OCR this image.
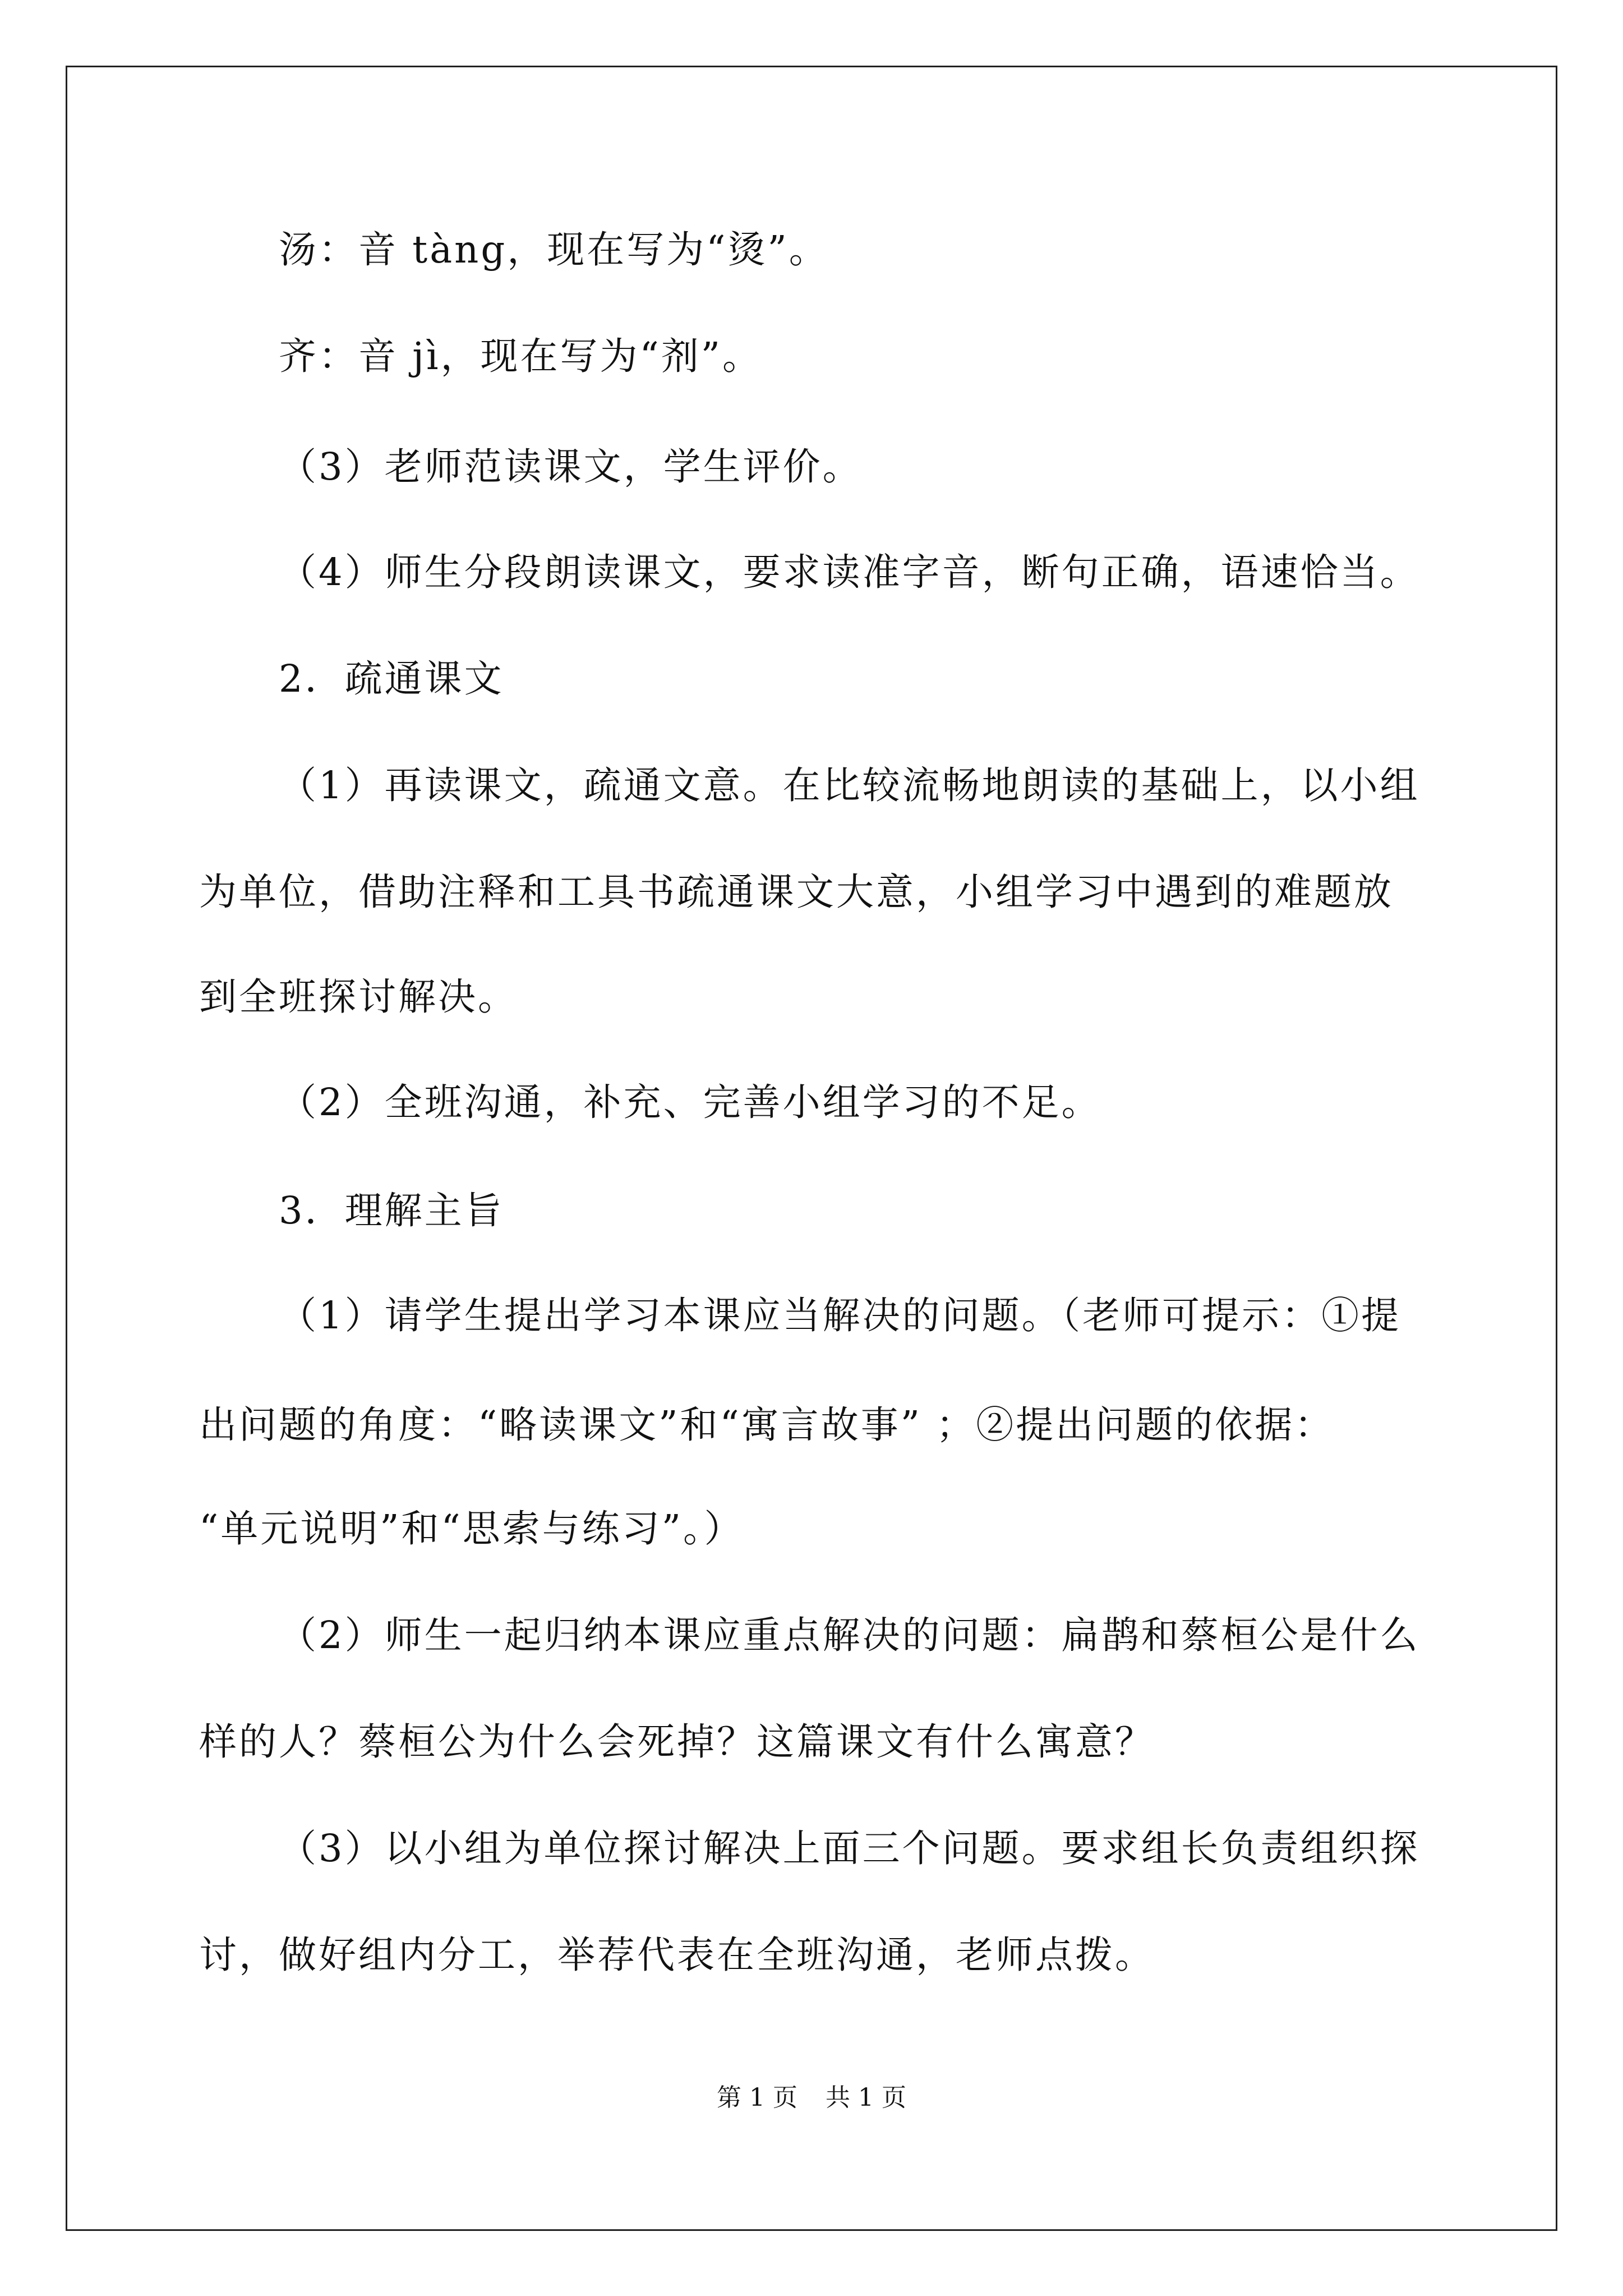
汤：音 tàng，现在写为“烫”。
齐：音 jì，现在写为“剂”。
（3）老师范读课文，学生评价。
（4）师生分段朗读课文，要求读准字音，断句正确，语速恰当。
2．疏通课文
（1）再读课文，疏通文意。在比较流畅地朗读的基础上，以小组
为单位，借助注释和工具书疏通课文大意，小组学习中遇到的难题放
到全班探讨解决。
（2）全班沟通，补充、完善小组学习的不足。
3．理解主旨
（1）请学生提出学习本课应当解决的问题。（老师可提示：①提
出问题的角度：“略读课文”和“寓言故事” ；②提出问题的依据：
“单元说明”和“思索与练习”。）
（2）师生一起归纳本课应重点解决的问题：扁鹊和蔡桓公是什么
样的人？蔡桓公为什么会死掉？这篇课文有什么寓意？
（3）以小组为单位探讨解决上面三个问题。要求组长负责组织探
讨，做好组内分工，举荐代表在全班沟通，老师点拨。
第 1 页 共 1 页
